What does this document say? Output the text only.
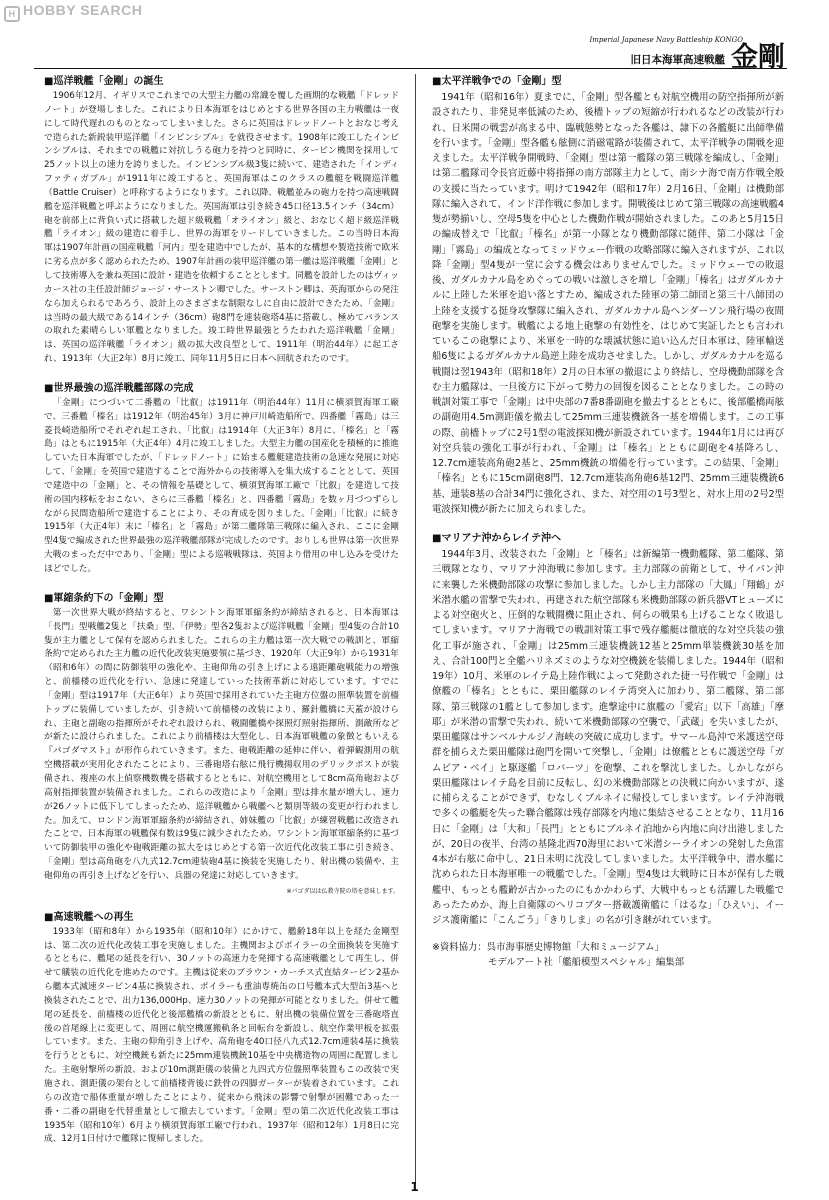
H HOBBY SEARCH
Imperial Japanese Navy Battleship KONGO
旧日本海軍高速戦艦 金剛
■巡洋戦艦「金剛」の誕生

1906年12月、イギリスでこれまでの大型主力艦の常識を覆した画期的な戦艦「ドレッドノート」が登場しました。これにより日本海軍をはじめとする世界各国の主力戦艦は一夜にして時代遅れのものとなってしまいました。さらに英国はドレッドノートとおなじ考えで造られた新鋭装甲巡洋艦「インビンシブル」を就役させます。1908年に竣工したインビンシブルは、それまでの戦艦に対抗しうる砲力を持つと同時に、タービン機関を採用して25ノット以上の速力を誇りました。インビンシブル級3隻に続いて、建造された「インディファティガブル」が1911年に竣工すると、英国海軍はこのクラスの艦艇を戦闘巡洋艦（Battle Cruiser）と呼称するようになります。これ以降、戦艦並みの砲力を持つ高速戦闘艦を巡洋戦艦と呼ぶようになりました。英国海軍は引き続き45口径13.5インチ（34cm）砲を前部上に背負い式に搭載した超ド級戦艦「オライオン」級と、おなじく超ド級巡洋戦艦「ライオン」級の建造に着手し、世界の海軍をリードしていきました。この当時日本海軍は1907年計画の国産戦艦「河内」型を建造中でしたが、基本的な構想や製造技術で欧米に劣る点が多く認められたため、1907年計画の装甲巡洋艦の第一艦は巡洋戦艦「金剛」として技術導入を兼ね英国に設計・建造を依頼することとします。同艦を設計したのはヴィッカース社の主任設計師ジョージ・サーストン卿でした。サーストン卿は、英海軍からの発注なら加えられるであろう、設計上のさまざまな制限なしに自由に設計できたため、「金剛」は当時の最大級である14インチ（36cm）砲8門を連装砲塔4基に搭載し、極めてバランスの取れた素晴らしい軍艦となりました。竣工時世界最強とうたわれた巡洋戦艦「金剛」は、英国の巡洋戦艦「ライオン」級の拡大改良型として、1911年（明治44年）に起工され、1913年（大正2年）8月に竣工、同年11月5日に日本へ回航されたのです。

■世界最強の巡洋戦艦部隊の完成

「金剛」につづいて二番艦の「比叡」は1911年（明治44年）11月に横須賀海軍工廠で、三番艦「榛名」は1912年（明治45年）3月に神戸川崎造船所で、四番艦「霧島」は三菱長崎造船所でそれぞれ起工され、「比叡」は1914年（大正3年）8月に、「榛名」と「霧島」はともに1915年（大正4年）4月に竣工しました。大型主力艦の国産化を積極的に推進していた日本海軍でしたが、「ドレッドノート」に始まる艦艇建造技術の急速な発展に対応して、「金剛」を英国で建造することで海外からの技術導入を集大成することとして、英国で建造中の「金剛」と、その情報を基礎として、横須賀海軍工廠で「比叡」を建造して技術の国内移転をおこない、さらに三番艦「榛名」と、四番艦「霧島」を数ヶ月づつずらしながら民間造船所で建造することにより、その育成を図りました。「金剛」「比叡」に続き1915年（大正4年）末に「榛名」と「霧島」が第二艦隊第三戦隊に編入され、ここに金剛型4隻で編成された世界最強の巡洋戦艦部隊が完成したのです。おりしも世界は第一次世界大戦のまっただ中であり、「金剛」型による巡戦戦隊は、英国より借用の申し込みを受けたほどでした。

■軍縮条約下の「金剛」型

第一次世界大戦が終結すると、ワシントン海軍軍縮条約が締結されると、日本海軍は「長門」型戦艦2隻と「扶桑」型、「伊勢」型各2隻および巡洋戦艦「金剛」型4隻の合計10隻が主力艦として保有を認められました。これらの主力艦は第一次大戦での戦訓と、軍縮条約で定められた主力艦の近代化改装実施要領に基づき、1920年（大正9年）から1931年（昭和6年）の間に防御装甲の強化や、主砲仰角の引き上げによる遠距離砲戦能力の増強と、前檣楼の近代化を行い、急速に発達していった技術革新に対応しています。すでに「金剛」型は1917年（大正6年）より英国で採用されていた主砲方位盤の照準装置を前檣トップに装備していましたが、引き続いて前檣楼の改装により、羅針艦橋に天蓋が設けられ、主砲と副砲の指揮所がそれぞれ設けられ、戦闘艦橋や探照灯照射指揮所、測敵所などが新たに設けられました。これにより前檣楼は大型化し、日本海軍戦艦の象徴ともいえる『パゴダマスト』が形作られていきます。また、砲戦距離の延伸に伴い、着弾観測用の航空機搭載が実用化されたことにより、三番砲塔右舷に飛行機揚収用のデリックポストが装備され、複座の水上偵察機数機を搭載するとともに、対航空機用として8cm高角砲および高射指揮装置が装備されました。これらの改造により「金剛」型は排水量が増大し、速力が26ノットに低下してしまったため、巡洋戦艦から戦艦へと類別等級の変更が行われました。加えて、ロンドン海軍軍縮条約が締結され、姉妹艦の「比叡」が練習戦艦に改造されたことで、日本海軍の戦艦保有数は9隻に減少されたため、ワシントン海軍軍縮条約に基づいて防御装甲の強化や砲戦距離の拡大をはじめとする第一次近代化改装工事に引き続き、「金剛」型は高角砲を八九式12.7cm連装砲4基に換装を実施したり、射出機の装備や、主砲仰角の再引き上げなどを行い、兵器の発達に対応していきます。

※パゴダ以は仏教寺院の塔を意味します。
■高速戦艦への再生

1933年（昭和8年）から1935年（昭和10年）にかけて、艦齢18年以上を経た金剛型は、第二次の近代化改装工事を実施しました。主機関およびボイラーの全面換装を実施するとともに、艦尾の延長を行い、30ノットの高速力を発揮する高速戦艦として再生し、併せて艤装の近代化を進めたのです。主機は従来のブラウン・カーチス式直結タービン2基から艦本式減速タービン4基に換装され、ボイラーも重油専焼缶の口号艦本式大型缶3基へと換装されたことで、出力136,000Hp、速力30ノットの発揮が可能となりました。併せて艦尾の延長を、前檣楼の近代化と後部艦橋の新設とともに、射出機の装備位置を三番砲塔直後の首尾線上に変更して、周囲に航空機運搬軌条と回転台を新設し、航空作業甲板を拡張しています。また、主砲の仰角引き上げや、高角砲を40口径八九式12.7cm連装4基に換装を行うとともに、対空機銃も新たに25mm連装機銃10基を中央構造物の周囲に配置しました。主砲射撃所の新設、および10m測距儀の装備と九四式方位盤照準装置もこの改装で実施され、測距儀の架台として前檣楼背後に鉄骨の四脚ガーターが装着されています。これらの改造で船体重量が増したことにより、従来から飛沫の影響で射撃が困難であった一番・二番の副砲を代替重量として撤去しています。「金剛」型の第二次近代化改装工事は1935年（昭和10年）6月より横須賀海軍工廠で行われ、1937年（昭和12年）1月8日に完成、12月1日付けで艦隊に復帰しました。

■太平洋戦争での「金剛」型

1941年（昭和16年）夏までに、「金剛」型各艦とも対航空機用の防空指揮所が新設されたり、非発見率低減のため、後檣トップの短縮が行われるなどの改装が行われ、日米開の戦雲が高まる中、臨戦態勢となった各艦は、隷下の各艦艇に出師準備を行います。「金剛」型各艦も舷側に消磁電路が装備されて、太平洋戦争の開戦を迎えました。太平洋戦争開戦時、「金剛」型は第一艦隊の第三戦隊を編成し、「金剛」は第二艦隊司令長官近藤中将指揮の南方部隊主力として、南シナ海で南方作戦全般の支援に当たっています。明けて1942年（昭和17年）2月16日、「金剛」は機動部隊に編入されて、インド洋作戦に参加します。開戦後はじめて第三戦隊の高速戦艦4隻が勢揃いし、空母5隻を中心とした機動作戦が開始されました。このあと5月15日の編成替えで「比叡」「榛名」が第一小隊となり機動部隊に随伴、第二小隊は「金剛」「霧島」の編成となってミッドウェー作戦の攻略部隊に編入されますが、これ以降「金剛」型4隻が一堂に会する機会はありませんでした。ミッドウェーでの敗退後、ガダルカナル島をめぐっての戦いは激しさを増し「金剛」「榛名」はガダルカナルに上陸した米軍を追い落とすため、編成された陸軍の第二師団と第三十八師団の上陸を支援する挺身攻撃隊に編入され、ガダルカナル島ヘンダーソン飛行場の夜間砲撃を実施します。戦艦による地上砲撃の有効性を、はじめて実証したとも言われているこの砲撃により、米軍を一時的な壊滅状態に追い込んだ日本軍は、陸軍輸送船6隻によるガダルカナル島逆上陸を成功させました。しかし、ガダルカナルを巡る戦闘は翌1943年（昭和18年）2月の日本軍の撤退により終結し、空母機動部隊を含む主力艦隊は、一旦後方に下がって勢力の回復を図ることとなりました。この時の戦訓対策工事で「金剛」は中央部の7番8番副砲を撤去するとともに、後部艦橋両舷の副砲用4.5m測距儀を撤去して25mm三連装機銃各一基を増備します。この工事の際、前檣トップに2号1型の電波探知機が新設されています。1944年1月には再び対空兵装の強化工事が行われ、「金剛」は「榛名」とともに副砲を4基降ろし、12.7cm連装高角砲2基と、25mm機銃の増備を行っています。この結果、「金剛」「榛名」ともに15cm副砲8門、12.7cm連装高角砲6基12門、25mm三連装機銃6基、連装8基の合計34門に強化され、また、対空用の1号3型と、対水上用の2号2型電波探知機が新たに加えられました。

■マリアナ沖からレイテ沖へ

1944年3月、改装された「金剛」と「榛名」は新編第一機動艦隊、第二艦隊、第三戦隊となり、マリアナ沖海戦に参加します。主力部隊の前衛として、サイパン沖に来襲した米機動部隊の攻撃に参加しました。しかし主力部隊の「大鳳」「翔鶴」が米潜水艦の雷撃で失われ、再建された航空部隊も米機動部隊の新兵器VTヒューズによる対空砲火と、圧倒的な戦闘機に阻止され、何らの戦果も上げることなく敗退してしまいます。マリアナ海戦での戦訓対策工事で残存艦艇は徹底的な対空兵装の強化工事が施され、「金剛」は25mm三連装機銃12基と25mm単装機銃30基を加え、合計100門と全艦ハリネズミのような対空機銃を装備しました。1944年（昭和19年）10月、米軍のレイテ島上陸作戦によって発動された捷一号作戦で「金剛」は僚艦の「榛名」とともに、栗田艦隊のレイテ湾突入に加わり、第二艦隊、第二部隊、第三戦隊の1艦として参加します。進撃途中に旗艦の「愛宕」以下「高雄」「摩耶」が米潜の雷撃で失われ、続いて米機動部隊の空襲で、「武蔵」を失いましたが、栗田艦隊はサンベルナルジノ海峡の突破に成功します。サマール島沖で米護送空母群を捕らえた栗田艦隊は砲門を開いて突撃し、「金剛」は僚艦とともに護送空母「ガムビア・ベイ」と駆逐艦「ロバーツ」を砲撃、これを撃沈しました。しかしながら栗田艦隊はレイテ島を目前に反転し、幻の米機動部隊との決戦に向かいますが、遂に捕らえることができず、むなしくブルネイに帰投してしまいます。レイテ沖海戦で多くの艦艇を失った聯合艦隊は残存部隊を内地に集結させることとなり、11月16日に「金剛」は「大和」「長門」とともにブルネイ泊地から内地に向け出港しましたが、20日の夜半、台湾の基隆北西70海里において米潜シーライオンの発射した魚雷4本が右舷に命中し、21日未明に沈没してしまいました。太平洋戦争中、潜水艦に沈められた日本海軍唯一の戦艦でした。「金剛」型4隻は大戦時に日本が保有した戦艦中、もっとも艦齢が古かったのにもかかわらず、大戦中もっとも活躍した戦艦であったためか、海上自衛隊のヘリコプター搭載護衛艦に「はるな」「ひえい」、イージス護衛艦に「こんごう」「きりしま」の名が引き継がれています。

※資料協力：呉市海事歴史博物館「大和ミュージアム」
モデルアート社「艦船模型スペシャル」編集部
1
